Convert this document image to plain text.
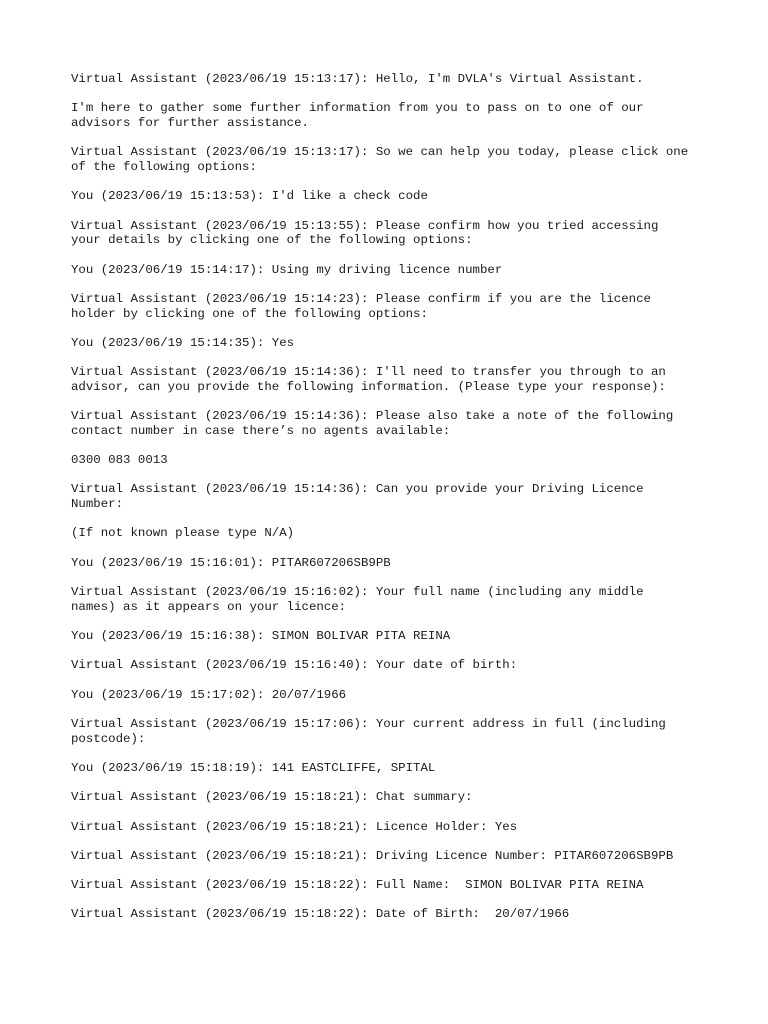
Virtual Assistant (2023/06/19 15:13:17): Hello, I'm DVLA's Virtual Assistant.

I'm here to gather some further information from you to pass on to one of our
advisors for further assistance.

Virtual Assistant (2023/06/19 15:13:17): So we can help you today, please click one
of the following options:

You (2023/06/19 15:13:53): I'd like a check code

Virtual Assistant (2023/06/19 15:13:55): Please confirm how you tried accessing
your details by clicking one of the following options:

You (2023/06/19 15:14:17): Using my driving licence number

Virtual Assistant (2023/06/19 15:14:23): Please confirm if you are the licence
holder by clicking one of the following options:

You (2023/06/19 15:14:35): Yes

Virtual Assistant (2023/06/19 15:14:36): I'll need to transfer you through to an
advisor, can you provide the following information. (Please type your response):

Virtual Assistant (2023/06/19 15:14:36): Please also take a note of the following
contact number in case there’s no agents available:

0300 083 0013

Virtual Assistant (2023/06/19 15:14:36): Can you provide your Driving Licence
Number:

(If not known please type N/A)

You (2023/06/19 15:16:01): PITAR607206SB9PB

Virtual Assistant (2023/06/19 15:16:02): Your full name (including any middle
names) as it appears on your licence:

You (2023/06/19 15:16:38): SIMON BOLIVAR PITA REINA

Virtual Assistant (2023/06/19 15:16:40): Your date of birth:

You (2023/06/19 15:17:02): 20/07/1966

Virtual Assistant (2023/06/19 15:17:06): Your current address in full (including
postcode):

You (2023/06/19 15:18:19): 141 EASTCLIFFE, SPITAL

Virtual Assistant (2023/06/19 15:18:21): Chat summary:

Virtual Assistant (2023/06/19 15:18:21): Licence Holder: Yes

Virtual Assistant (2023/06/19 15:18:21): Driving Licence Number: PITAR607206SB9PB

Virtual Assistant (2023/06/19 15:18:22): Full Name:  SIMON BOLIVAR PITA REINA

Virtual Assistant (2023/06/19 15:18:22): Date of Birth:  20/07/1966
